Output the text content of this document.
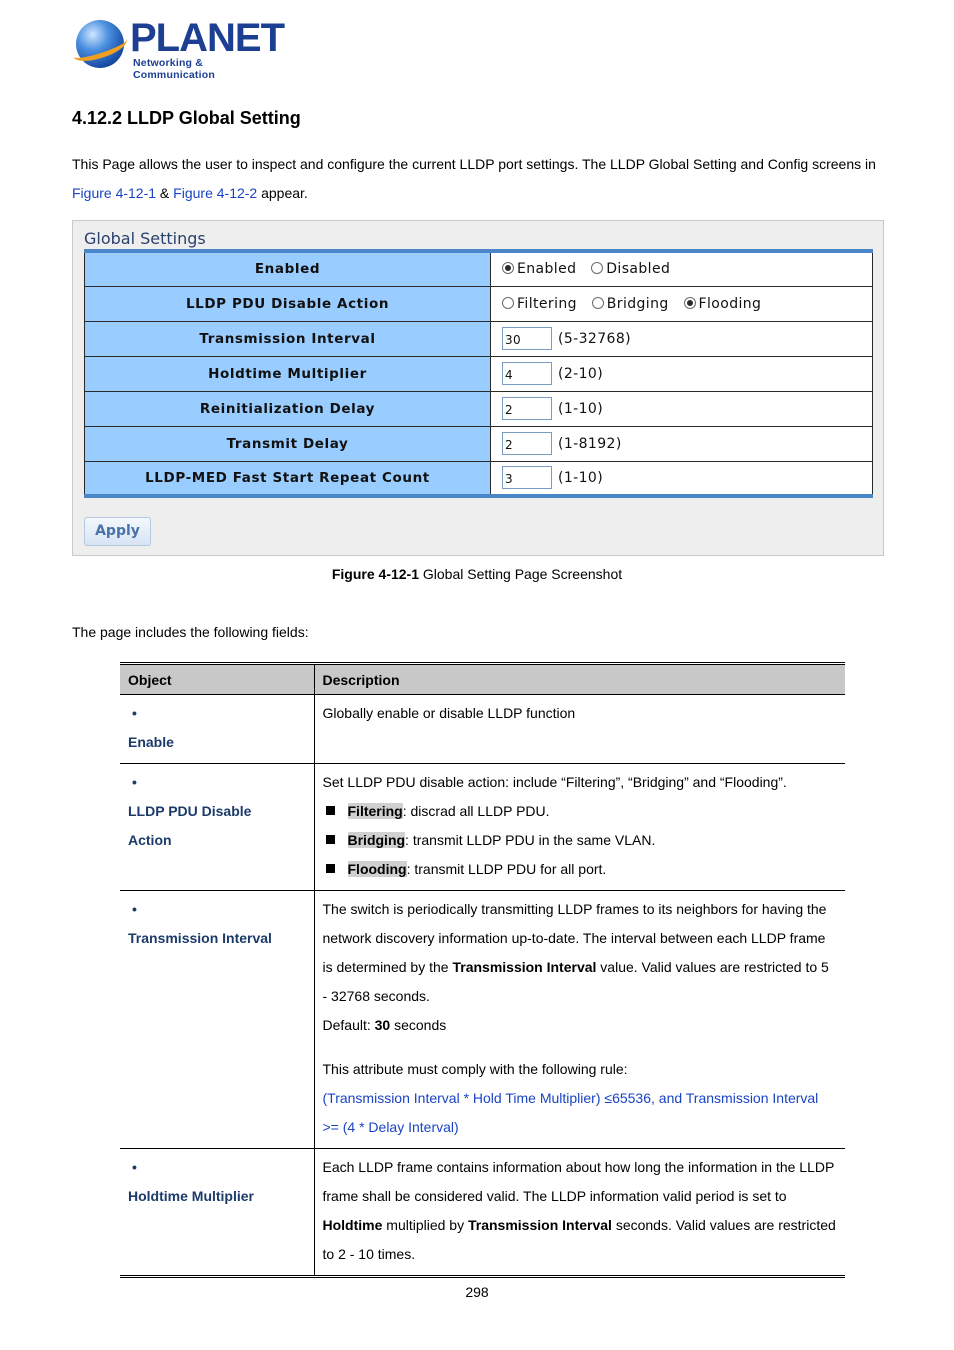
PLANET
Networking & Communication
4.12.2 LLDP Global Setting

This Page allows the user to inspect and configure the current LLDP port settings. The LLDP Global Setting and Config screens in Figure 4-12-1 & Figure 4-12-2 appear.

Global Settings
Enabled	Enabled Disabled
LLDP PDU Disable Action	Filtering Bridging Flooding
Transmission Interval	30 (5-32768)
Holdtime Multiplier	4 (2-10)
Reinitialization Delay	2 (1-10)
Transmit Delay	2 (1-8192)
LLDP-MED Fast Start Repeat Count	3 (1-10)
Apply
Figure 4-12-1 Global Setting Page Screenshot

The page includes the following fields:

Object	Description
•Enable	Globally enable or disable LLDP function
•LLDP PDU Disable Action	Set LLDP PDU disable action: include “Filtering”, “Bridging” and “Flooding”.
Filtering: discrad all LLDP PDU.
Bridging: transmit LLDP PDU in the same VLAN.
Flooding: transmit LLDP PDU for all port.

•Transmission Interval	The switch is periodically transmitting LLDP frames to its neighbors for having the network discovery information up-to-date. The interval between each LLDP frame is determined by the Transmission Interval value. Valid values are restricted to 5 - 32768 seconds.
Default: 30 seconds
This attribute must comply with the following rule:
(Transmission Interval * Hold Time Multiplier) ≤65536, and Transmission Interval >= (4 * Delay Interval)

•Holdtime Multiplier	Each LLDP frame contains information about how long the information in the LLDP frame shall be considered valid. The LLDP information valid period is set to Holdtime multiplied by Transmission Interval seconds. Valid values are restricted to 2 - 10 times.
298
